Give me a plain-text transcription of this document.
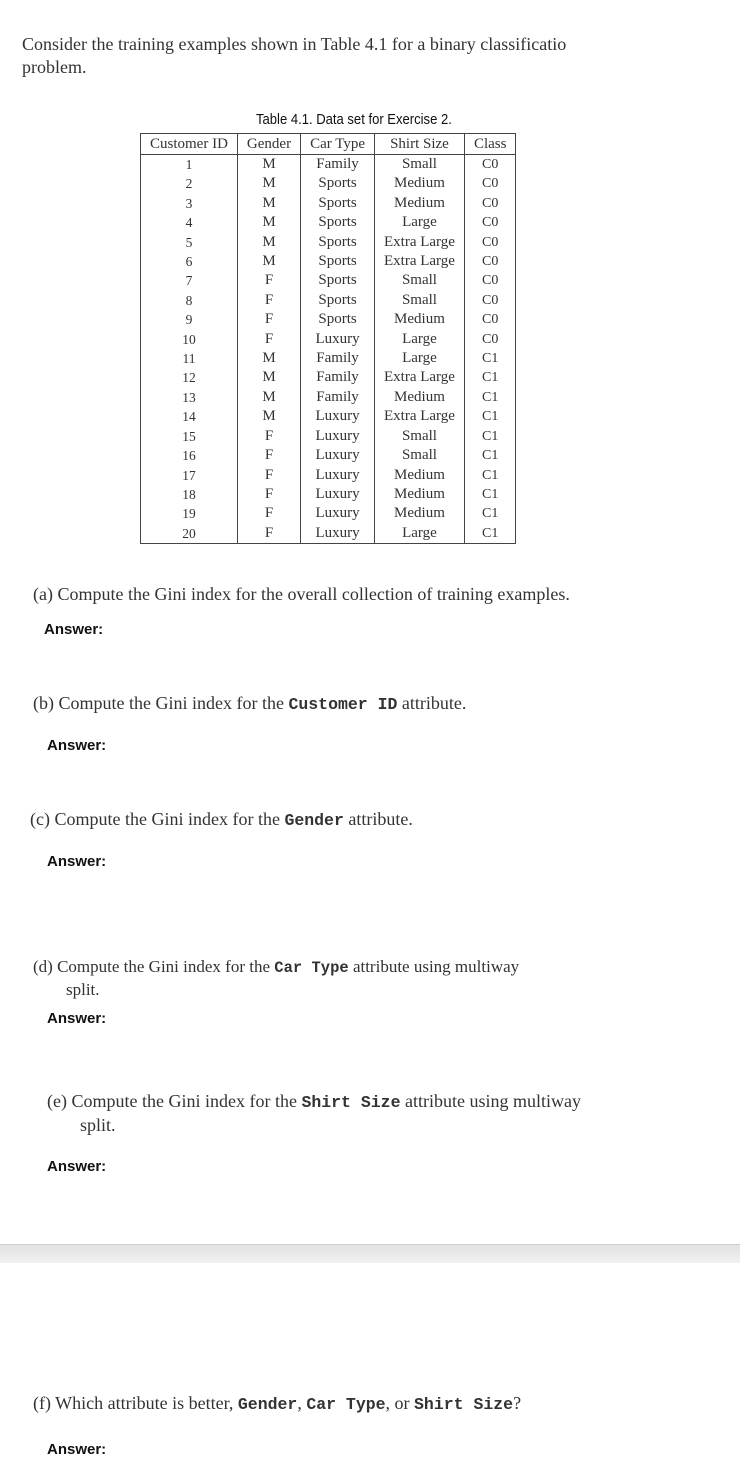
Consider the training examples shown in Table 4.1 for a binary classificatio
problem.
Table 4.1. Data set for Exercise 2.
Customer ID	Gender	Car Type	Shirt Size	Class
1	M	Family	Small	C0
2	M	Sports	Medium	C0
3	M	Sports	Medium	C0
4	M	Sports	Large	C0
5	M	Sports	Extra Large	C0
6	M	Sports	Extra Large	C0
7	F	Sports	Small	C0
8	F	Sports	Small	C0
9	F	Sports	Medium	C0
10	F	Luxury	Large	C0
11	M	Family	Large	C1
12	M	Family	Extra Large	C1
13	M	Family	Medium	C1
14	M	Luxury	Extra Large	C1
15	F	Luxury	Small	C1
16	F	Luxury	Small	C1
17	F	Luxury	Medium	C1
18	F	Luxury	Medium	C1
19	F	Luxury	Medium	C1
20	F	Luxury	Large	C1
(a) Compute the Gini index for the overall collection of training examples.
Answer:
(b) Compute the Gini index for the Customer ID attribute.
Answer:
(c) Compute the Gini index for the Gender attribute.
Answer:
(d) Compute the Gini index for the Car Type attribute using multiway
split.
Answer:
(e) Compute the Gini index for the Shirt Size attribute using multiway
split.
Answer:
(f) Which attribute is better, Gender, Car Type, or Shirt Size?
Answer:
